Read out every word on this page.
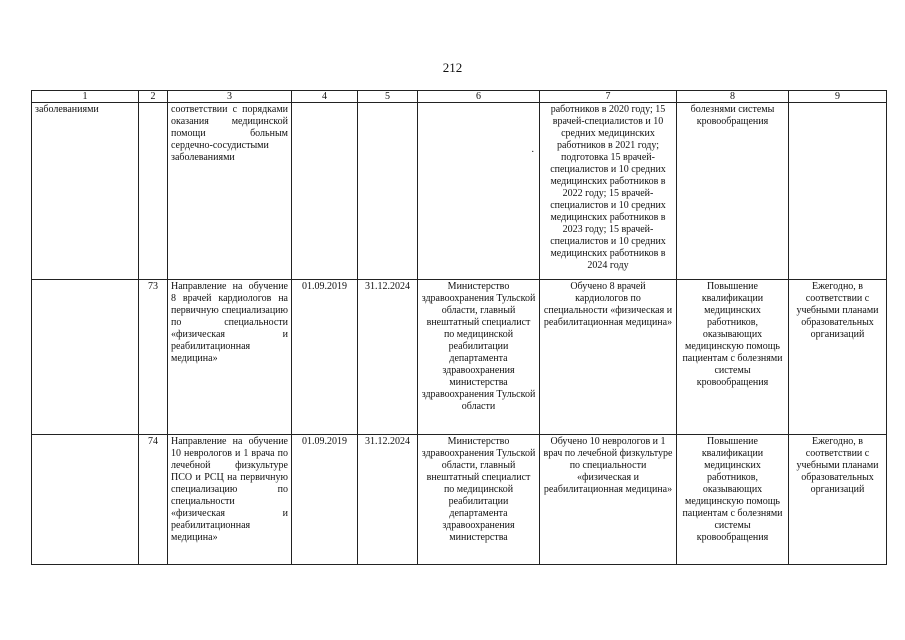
212
1	2	3	4	5	6	7	8	9
заболеваниями		соответствии с порядками оказания медицинской помощи больным сердечно-сосудистыми заболеваниями			.	работников в 2020 году; 15 врачей-специалистов и 10 средних медицинских работников в 2021 году; подготовка 15 врачей-специалистов и 10 средних медицинских работников в 2022 году; 15 врачей-специалистов и 10 средних медицинских работников в 2023 году; 15 врачей-специалистов и 10 средних медицинских работников в 2024 году	болезнями системы кровообращения	
	73	Направление на обучение 8 врачей кардиологов на первичную специализацию по специальности «физическая и реабилитационная медицина»	01.09.2019	31.12.2024	Министерство здравоохранения Тульской области, главный внештатный специалист по медицинской реабилитации департамента здравоохранения министерства здравоохранения Тульской области	Обучено 8 врачей кардиологов по специальности «физическая и реабилитационная медицина»	Повышение квалификации медицинских работников, оказывающих медицинскую помощь пациентам с болезнями системы кровообращения	Ежегодно, в соответствии с учебными планами образовательных организаций
	74	Направление на обучение 10 неврологов и 1 врача по лечебной физкультуре ПСО и РСЦ на первичную специализацию по специальности «физическая и реабилитационная медицина»	01.09.2019	31.12.2024	Министерство здравоохранения Тульской области, главный внештатный специалист по медицинской реабилитации департамента здравоохранения министерства	Обучено 10 неврологов и 1 врач по лечебной физкультуре по специальности «физическая и реабилитационная медицина»	Повышение квалификации медицинских работников, оказывающих медицинскую помощь пациентам с болезнями системы кровообращения	Ежегодно, в соответствии с учебными планами образовательных организаций
